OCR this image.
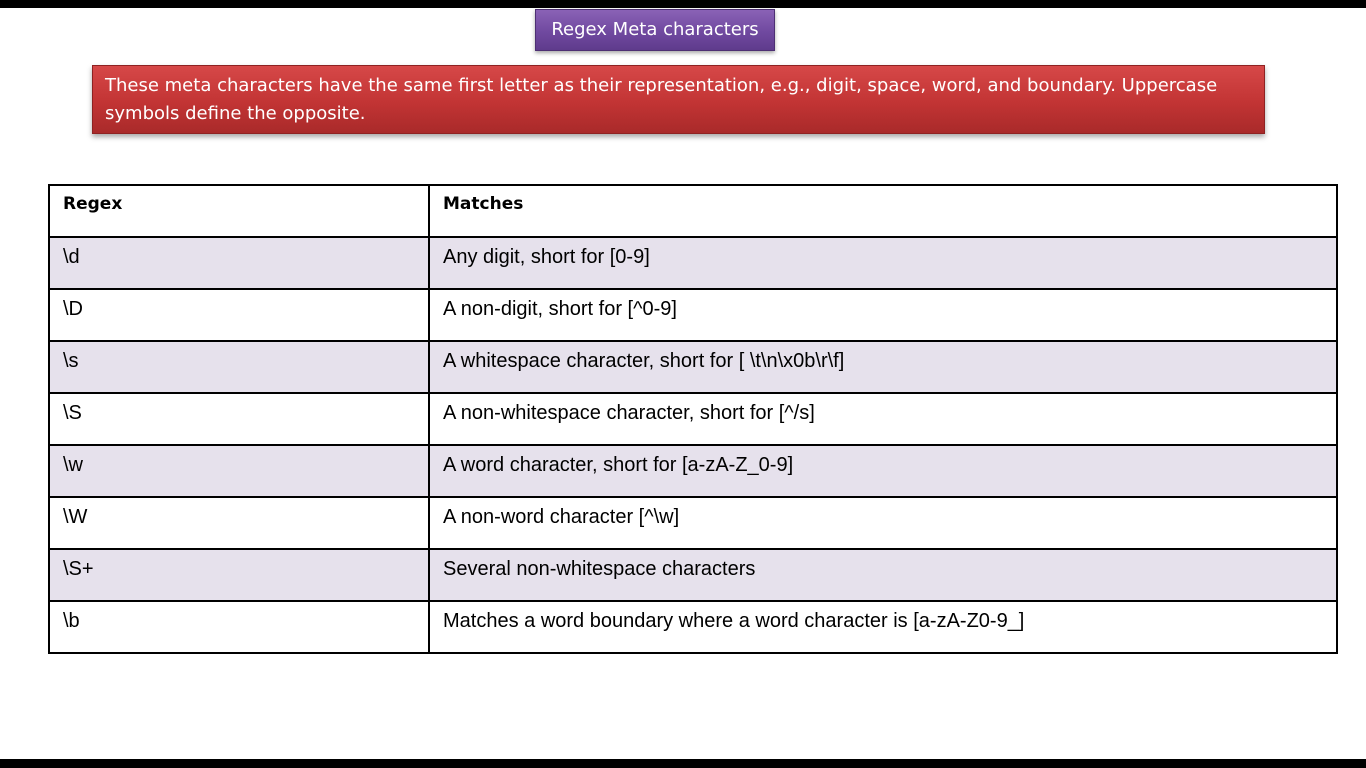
Regex Meta characters
These meta characters have the same first letter as their representation, e.g., digit, space, word, and boundary. Uppercase symbols define the opposite.
Regex	Matches
\d	Any digit, short for [0-9]
\D	A non-digit, short for [^0-9]
\s	A whitespace character, short for [ \t\n\x0b\r\f]
\S	A non-whitespace character, short for [^/s]
\w	A word character, short for [a-zA-Z_0-9]
\W	A non-word character [^\w]
\S+	Several non-whitespace characters
\b	Matches a word boundary where a word character is [a-zA-Z0-9_]
